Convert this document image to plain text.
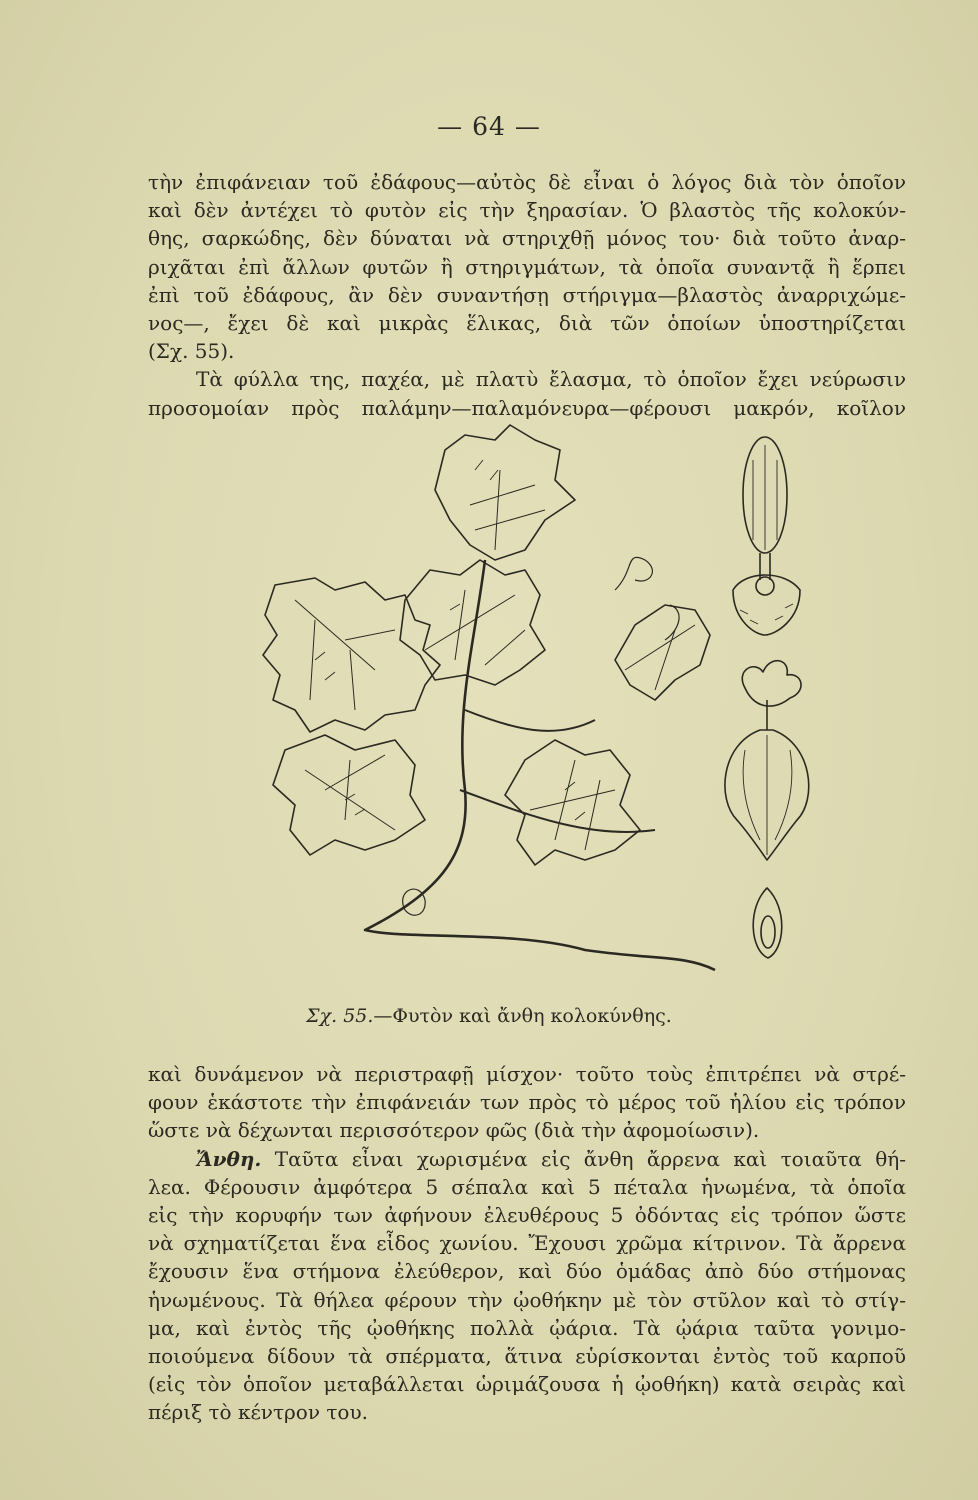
— 64 —
τὴν ἐπιφάνειαν τοῦ ἐδάφους—αὐτὸς δὲ εἶναι ὁ λόγος διὰ τὸν ὁποῖον
καὶ δὲν ἀντέχει τὸ φυτὸν εἰς τὴν ξηρασίαν. Ὁ βλαστὸς τῆς κολοκύν-
θης, σαρκώδης, δὲν δύναται νὰ στηριχθῇ μόνος του· διὰ τοῦτο ἀναρ-
ριχᾶται ἐπὶ ἄλλων φυτῶν ἢ στηριγμάτων, τὰ ὁποῖα συναντᾷ ἢ ἕρπει
ἐπὶ τοῦ ἐδάφους, ἂν δὲν συναντήσῃ στήριγμα—βλαστὸς ἀναρριχώμε-
νος—, ἔχει δὲ καὶ μικρὰς ἕλικας, διὰ τῶν ὁποίων ὑποστηρίζεται
(Σχ. 55).
Τὰ φύλλα της, παχέα, μὲ πλατὺ ἔλασμα, τὸ ὁποῖον ἔχει νεύρωσιν
προσομοίαν πρὸς παλάμην—παλαμόνευρα—φέρουσι μακρόν, κοῖλον
Σχ. 55.—Φυτὸν καὶ ἄνθη κολοκύνθης.
καὶ δυνάμενον νὰ περιστραφῇ μίσχον· τοῦτο τοὺς ἐπιτρέπει νὰ στρέ-
φουν ἑκάστοτε τὴν ἐπιφάνειάν των πρὸς τὸ μέρος τοῦ ἡλίου εἰς τρόπον
ὥστε νὰ δέχωνται περισσότερον φῶς (διὰ τὴν ἀφομοίωσιν).
Ἄνθη. Ταῦτα εἶναι χωρισμένα εἰς ἄνθη ἄρρενα καὶ τοιαῦτα θή-
λεα. Φέρουσιν ἀμφότερα 5 σέπαλα καὶ 5 πέταλα ἡνωμένα, τὰ ὁποῖα
εἰς τὴν κορυφήν των ἀφήνουν ἐλευθέρους 5 ὀδόντας εἰς τρόπον ὥστε
νὰ σχηματίζεται ἕνα εἶδος χωνίου. Ἔχουσι χρῶμα κίτρινον. Τὰ ἄρρενα
ἔχουσιν ἕνα στήμονα ἐλεύθερον, καὶ δύο ὁμάδας ἀπὸ δύο στήμονας
ἡνωμένους. Τὰ θήλεα φέρουν τὴν ᾠοθήκην μὲ τὸν στῦλον καὶ τὸ στίγ-
μα, καὶ ἐντὸς τῆς ᾠοθήκης πολλὰ ᾠάρια. Τὰ ᾠάρια ταῦτα γονιμο-
ποιούμενα δίδουν τὰ σπέρματα, ἅτινα εὑρίσκονται ἐντὸς τοῦ καρποῦ
(εἰς τὸν ὁποῖον μεταβάλλεται ὡριμάζουσα ἡ ᾠοθήκη) κατὰ σειρὰς καὶ
πέριξ τὸ κέντρον του.
